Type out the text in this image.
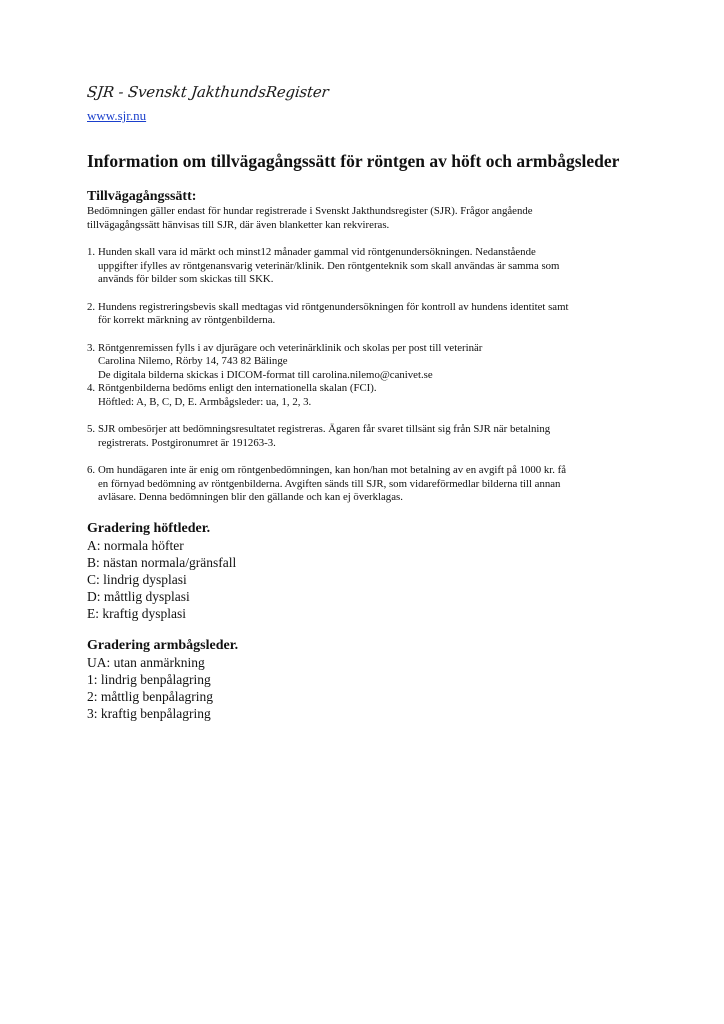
SJR - Svenskt JakthundsRegister
www.sjr.nu
Information om tillvägagångssätt för röntgen av höft och armbågsleder
Tillvägagångssätt:
Bedömningen gäller endast för hundar registrerade i Svenskt Jakthundsregister (SJR). Frågor angående
tillvägagångssätt hänvisas till SJR, där även blanketter kan rekvireras.
1. Hunden skall vara id märkt och minst12 månader gammal vid röntgenundersökningen. Nedanstående
uppgifter ifylles av röntgenansvarig veterinär/klinik. Den röntgenteknik som skall användas är samma som
används för bilder som skickas till SKK.
2. Hundens registreringsbevis skall medtagas vid röntgenundersökningen för kontroll av hundens identitet samt
för korrekt märkning av röntgenbilderna.
3. Röntgenremissen fylls i av djurägare och veterinärklinik och skolas per post till veterinär
Carolina Nilemo, Rörby 14, 743 82 Bälinge
De digitala bilderna skickas i DICOM-format till carolina.nilemo@canivet.se
4. Röntgenbilderna bedöms enligt den internationella skalan (FCI).
Höftled: A, B, C, D, E. Armbågsleder: ua, 1, 2, 3.
5. SJR ombesörjer att bedömningsresultatet registreras. Ägaren får svaret tillsänt sig från SJR när betalning
registrerats. Postgironumret är 191263-3.
6. Om hundägaren inte är enig om röntgenbedömningen, kan hon/han mot betalning av en avgift på 1000 kr. få
en förnyad bedömning av röntgenbilderna. Avgiften sänds till SJR, som vidareförmedlar bilderna till annan
avläsare. Denna bedömningen blir den gällande och kan ej överklagas.
Gradering höftleder.
A: normala höfter
B: nästan normala/gränsfall
C: lindrig dysplasi
D: måttlig dysplasi
E: kraftig dysplasi
Gradering armbågsleder.
UA: utan anmärkning
1: lindrig benpålagring
2: måttlig benpålagring
3: kraftig benpålagring
